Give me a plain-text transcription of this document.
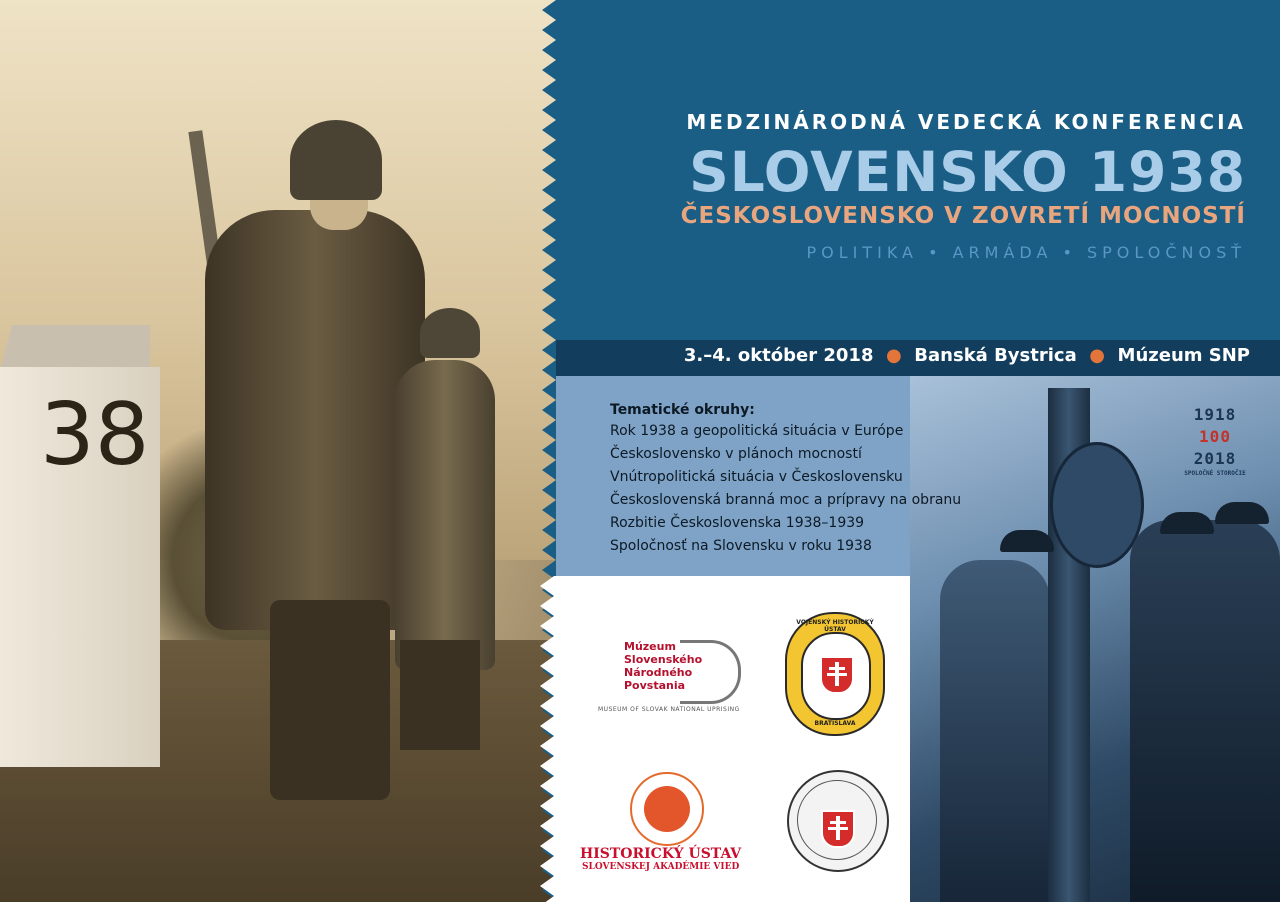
38
MEDZINÁRODNÁ VEDECKÁ KONFERENCIA
SLOVENSKO 1938
ČESKOSLOVENSKO V ZOVRETÍ MOCNOSTÍ
POLITIKA • ARMÁDA • SPOLOČNOSŤ
3.–4. október 2018  ●  Banská Bystrica  ●  Múzeum SNP
Tematické okruhy:
Rok 1938 a geopolitická situácia v Európe
Československo v plánoch mocností
Vnútropolitická situácia v Československu
Československá branná moc a prípravy na obranu
Rozbitie Československa 1938–1939
Spoločnosť na Slovensku v roku 1938
1918
100
2018
SPOLOČNÉ STOROČIE
Múzeum
Slovenského
Národného
Povstania
MUSEUM OF SLOVAK NATIONAL UPRISING
VOJENSKÝ HISTORICKÝ ÚSTAV
BRATISLAVA
HISTORICKÝ ÚSTAV
SLOVENSKEJ AKADÉMIE VIED
